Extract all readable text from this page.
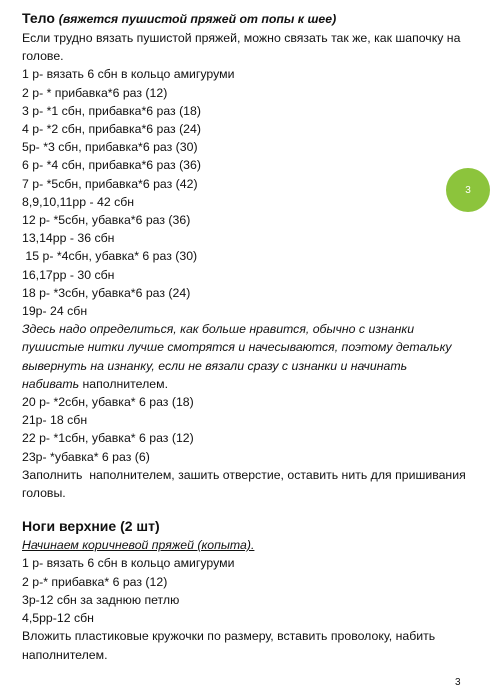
Тело (вяжется пушистой пряжей от попы к шее)

Если трудно вязать пушистой пряжей, можно связать так же, как шапочку на голове.

1 р- вязать 6 сбн в кольцо амигуруми

2 р- * прибавка*6 раз (12)

3 р- *1 сбн, прибавка*6 раз (18)

4 р- *2 сбн, прибавка*6 раз (24)

5р- *3 сбн, прибавка*6 раз (30)

6 р- *4 сбн, прибавка*6 раз (36)

7 р- *5сбн, прибавка*6 раз (42)

8,9,10,11рр - 42 сбн

12 р- *5сбн, убавка*6 раз (36)

13,14рр - 36 сбн

15 р- *4сбн, убавка* 6 раз (30)

16,17рр - 30 сбн

18 р- *3сбн, убавка*6 раз (24)

19р- 24 сбн

Здесь надо определиться, как больше нравится, обычно с изнанки пушистые нитки лучше смотрятся и начесываются, поэтому детальку вывернуть на изнанку, если не вязали сразу с изнанки и начинать набивать наполнителем.

20 р- *2сбн, убавка* 6 раз (18)

21р- 18 сбн

22 р- *1сбн, убавка* 6 раз (12)

23р- *убавка* 6 раз (6)

Заполнить  наполнителем, зашить отверстие, оставить нить для пришивания головы.

Ноги верхние (2 шт)

Начинаем коричневой пряжей (копыта).

1 р- вязать 6 сбн в кольцо амигуруми

2 р-* прибавка* 6 раз (12)

3р-12 сбн за заднюю петлю

4,5рр-12 сбн

Вложить пластиковые кружочки по размеру, вставить проволоку, набить наполнителем.

3
3
